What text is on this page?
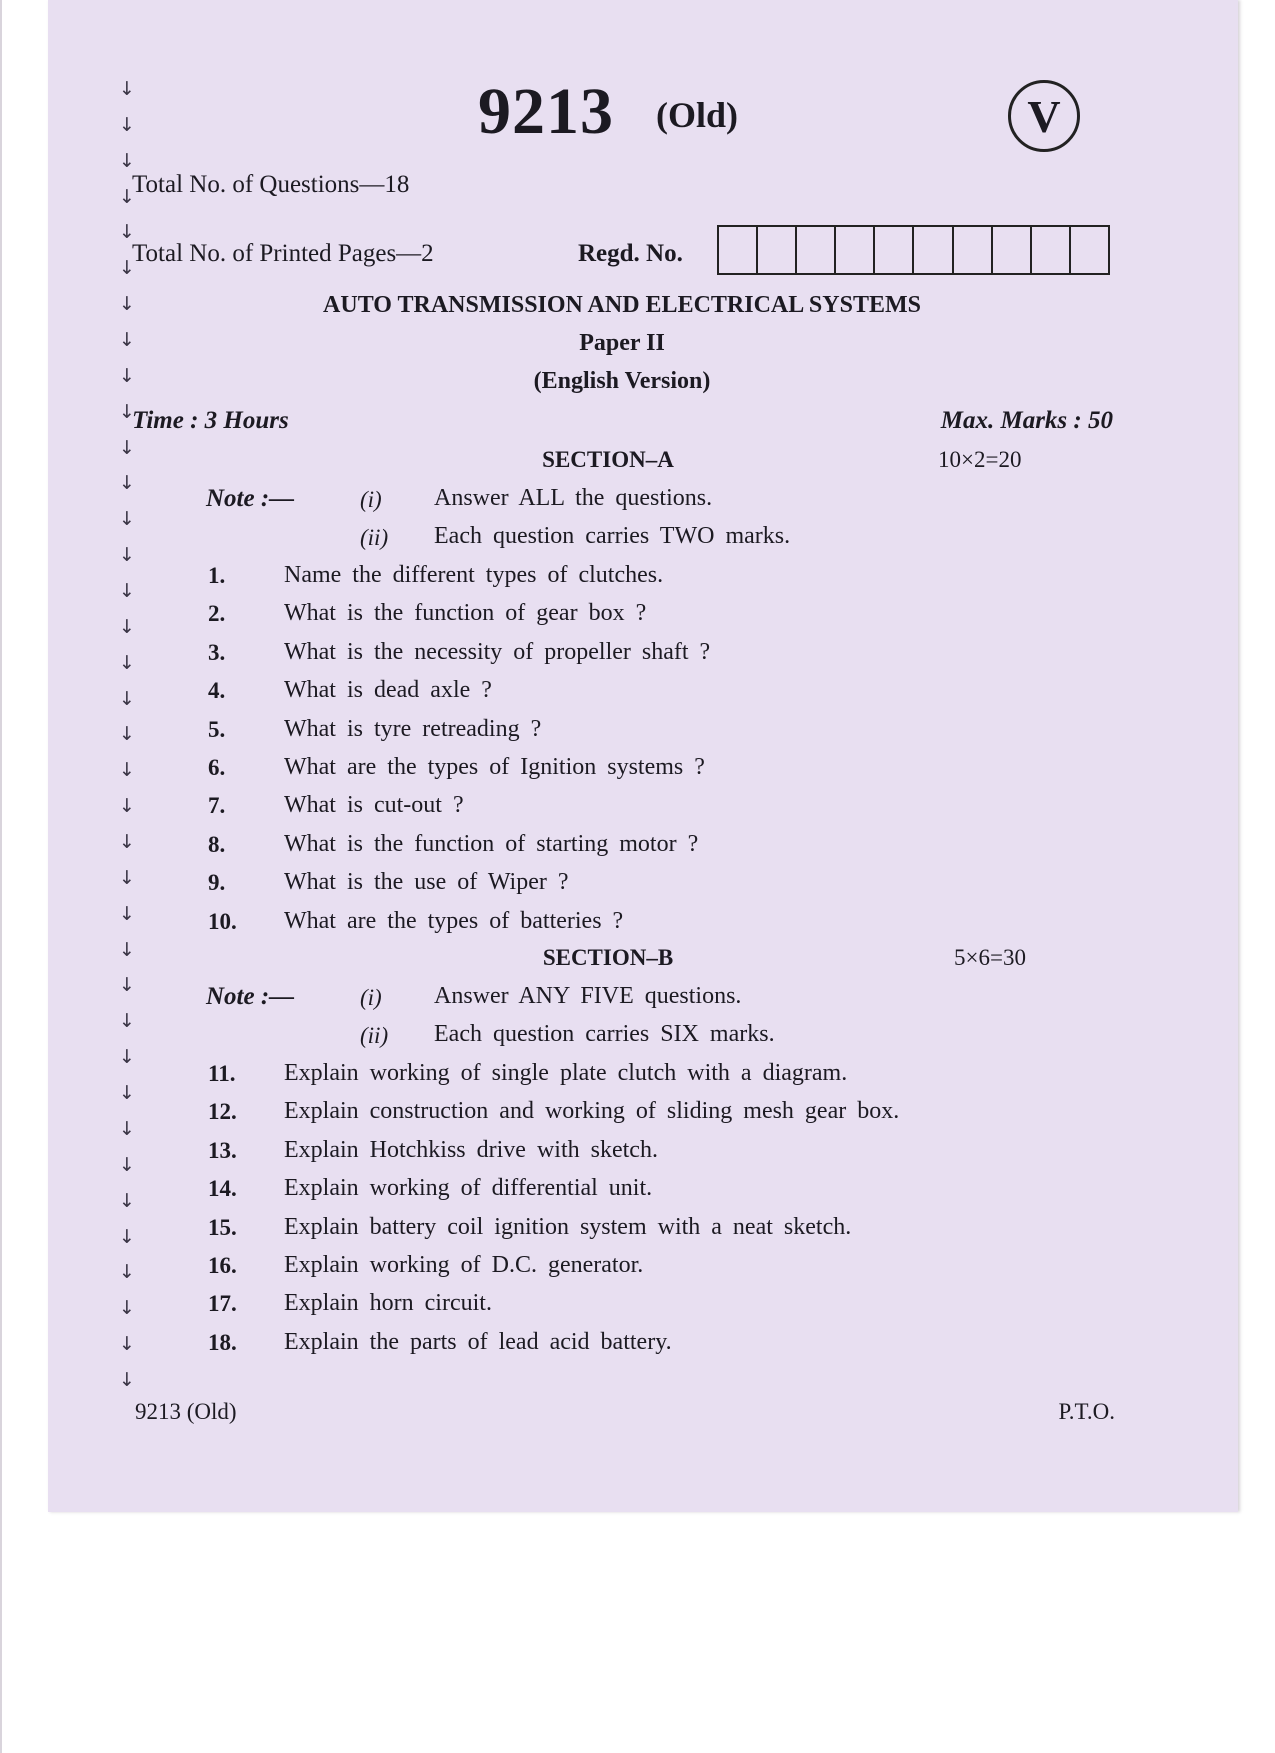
↓
↓
↓
↓
↓
↓
↓
↓
↓
↓
↓
↓
↓
↓
↓
↓
↓
↓
↓
↓
↓
↓
↓
↓
↓
↓
↓
↓
↓
↓
↓
↓
↓
↓
↓
↓
↓
9213 (Old)	V
Total No. of Questions—18
Total No. of Printed Pages—2	Regd. No.
AUTO TRANSMISSION AND ELECTRICAL SYSTEMS
Paper II
(English Version)
Time : 3 Hours	Max. Marks : 50
SECTION–A	10×2=20
Note :—	(i) Answer ALL the questions.
(ii) Each question carries TWO marks.
1. Name the different types of clutches.
2. What is the function of gear box ?
3. What is the necessity of propeller shaft ?
4. What is dead axle ?
5. What is tyre retreading ?
6. What are the types of Ignition systems ?
7. What is cut-out ?
8. What is the function of starting motor ?
9. What is the use of Wiper ?
10. What are the types of batteries ?
SECTION–B	5×6=30
Note :—	(i) Answer ANY FIVE questions.
(ii) Each question carries SIX marks.
11. Explain working of single plate clutch with a diagram.
12. Explain construction and working of sliding mesh gear box.
13. Explain Hotchkiss drive with sketch.
14. Explain working of differential unit.
15. Explain battery coil ignition system with a neat sketch.
16. Explain working of D.C. generator.
17. Explain horn circuit.
18. Explain the parts of lead acid battery.
9213 (Old)	P.T.O.
